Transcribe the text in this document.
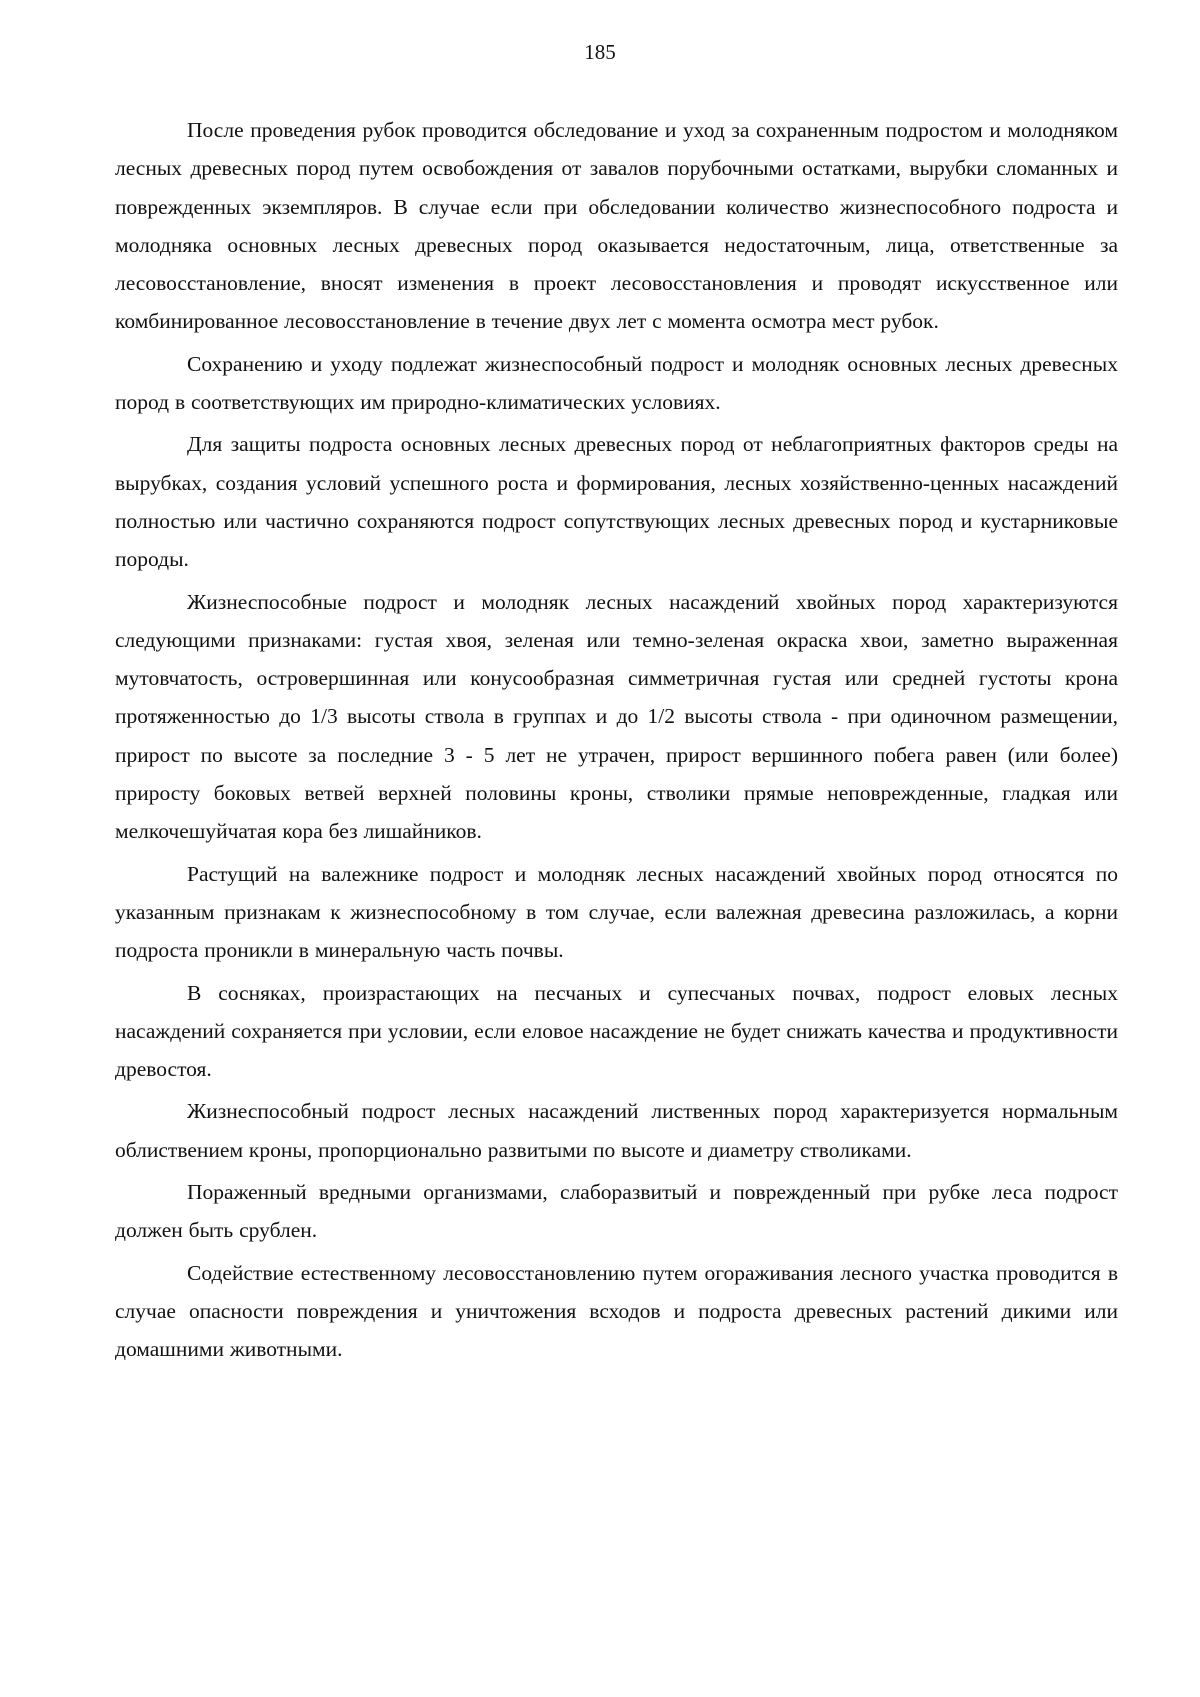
185

После проведения рубок проводится обследование и уход за сохраненным подростом и молодняком лесных древесных пород путем освобождения от завалов порубочными остатками, вырубки сломанных и поврежденных экземпляров. В случае если при обследовании количество жизнеспособного подроста и молодняка основных лесных древесных пород оказывается недостаточным, лица, ответственные за лесовосстановление, вносят изменения в проект лесовосстановления и проводят искусственное или комбинированное лесовосстановление в течение двух лет с момента осмотра мест рубок.

Сохранению и уходу подлежат жизнеспособный подрост и молодняк основных лесных древесных пород в соответствующих им природно-климатических условиях.

Для защиты подроста основных лесных древесных пород от неблагоприятных факторов среды на вырубках, создания условий успешного роста и формирования, лесных хозяйственно-ценных насаждений полностью или частично сохраняются подрост сопутствующих лесных древесных пород и кустарниковые породы.

Жизнеспособные подрост и молодняк лесных насаждений хвойных пород характеризуются следующими признаками: густая хвоя, зеленая или темно-зеленая окраска хвои, заметно выраженная мутовчатость, островершинная или конусообразная симметричная густая или средней густоты крона протяженностью до 1/3 высоты ствола в группах и до 1/2 высоты ствола - при одиночном размещении, прирост по высоте за последние 3 - 5 лет не утрачен, прирост вершинного побега равен (или более) приросту боковых ветвей верхней половины кроны, стволики прямые неповрежденные, гладкая или мелкочешуйчатая кора без лишайников.

Растущий на валежнике подрост и молодняк лесных насаждений хвойных пород относятся по указанным признакам к жизнеспособному в том случае, если валежная древесина разложилась, а корни подроста проникли в минеральную часть почвы.

В сосняках, произрастающих на песчаных и супесчаных почвах, подрост еловых лесных насаждений сохраняется при условии, если еловое насаждение не будет снижать качества и продуктивности древостоя.

Жизнеспособный подрост лесных насаждений лиственных пород характеризуется нормальным облиствением кроны, пропорционально развитыми по высоте и диаметру стволиками.

Пораженный вредными организмами, слаборазвитый и поврежденный при рубке леса подрост должен быть срублен.

Содействие естественному лесовосстановлению путем огораживания лесного участка проводится в случае опасности повреждения и уничтожения всходов и подроста древесных растений дикими или домашними животными.
